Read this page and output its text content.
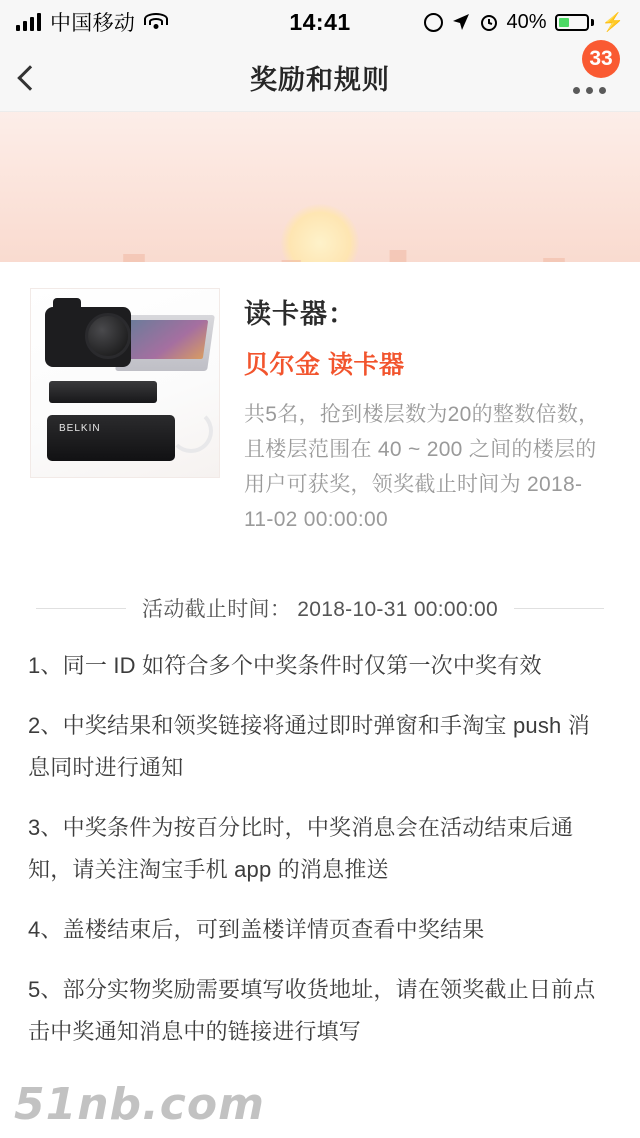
中国移动	14:41	40%	⚡
奖励和规则
33
BELKIN
读卡器：
贝尔金 读卡器
共5名，抢到楼层数为20的整数倍数，且楼层范围在 40 ~ 200 之间的楼层的用户可获奖，领奖截止时间为 2018-11-02 00:00:00
活动截止时间： 2018-10-31 00:00:00
1、同一 ID 如符合多个中奖条件时仅第一次中奖有效
2、中奖结果和领奖链接将通过即时弹窗和手淘宝 push 消息同时进行通知
3、中奖条件为按百分比时，中奖消息会在活动结束后通知，请关注淘宝手机 app 的消息推送
4、盖楼结束后，可到盖楼详情页查看中奖结果
5、部分实物奖励需要填写收货地址，请在领奖截止日前点击中奖通知消息中的链接进行填写
51nb.com
